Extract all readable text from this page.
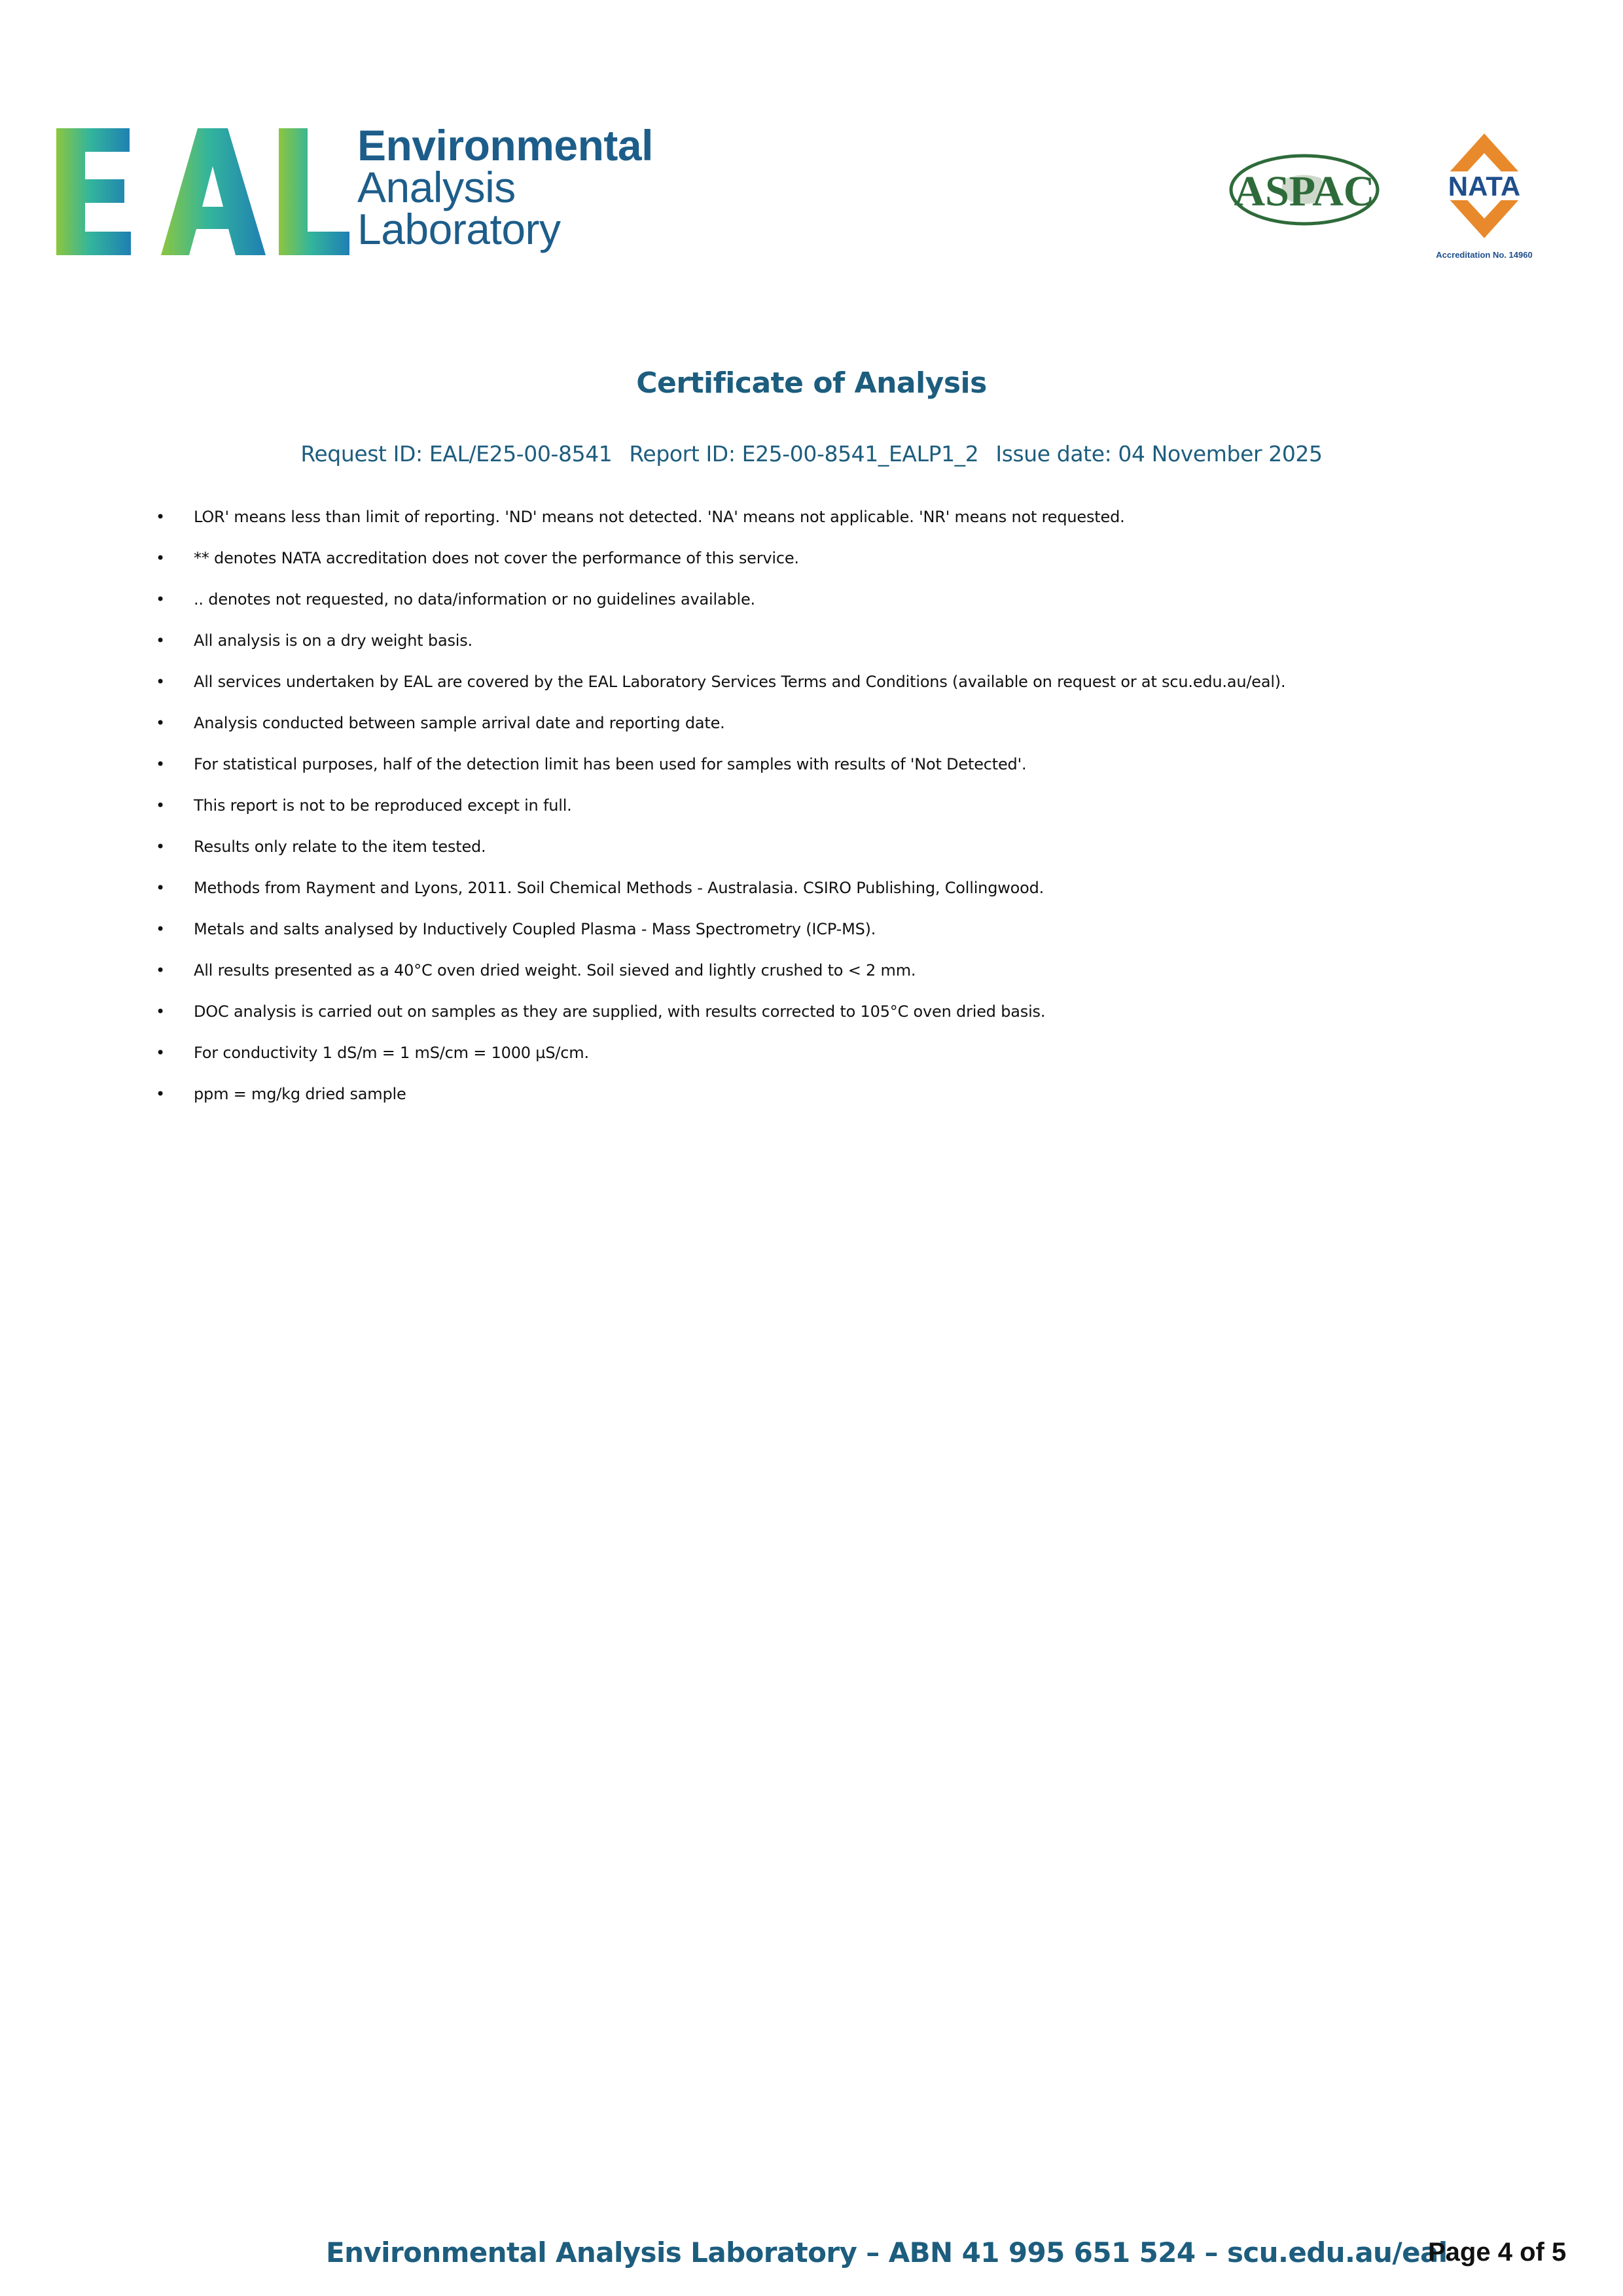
Environmental
Analysis
Laboratory
ASPAC	NATA
Accreditation No. 14960
Certificate of Analysis
Request ID: EAL/E25-00-8541 Report ID: E25-00-8541_EALP1_2 Issue date: 04 November 2025
• LOR' means less than limit of reporting. 'ND' means not detected. 'NA' means not applicable. 'NR' means not requested.
• ** denotes NATA accreditation does not cover the performance of this service.
• .. denotes not requested, no data/information or no guidelines available.
• All analysis is on a dry weight basis.
• All services undertaken by EAL are covered by the EAL Laboratory Services Terms and Conditions (available on request or at scu.edu.au/eal).
• Analysis conducted between sample arrival date and reporting date.
• For statistical purposes, half of the detection limit has been used for samples with results of 'Not Detected'.
• This report is not to be reproduced except in full.
• Results only relate to the item tested.
• Methods from Rayment and Lyons, 2011. Soil Chemical Methods - Australasia. CSIRO Publishing, Collingwood.
• Metals and salts analysed by Inductively Coupled Plasma - Mass Spectrometry (ICP-MS).
• All results presented as a 40°C oven dried weight. Soil sieved and lightly crushed to < 2 mm.
• DOC analysis is carried out on samples as they are supplied, with results corrected to 105°C oven dried basis.
• For conductivity 1 dS/m = 1 mS/cm = 1000 µS/cm.
• ppm = mg/kg dried sample
Environmental Analysis Laboratory – ABN 41 995 651 524 – scu.edu.au/eal
Page 4 of 5
